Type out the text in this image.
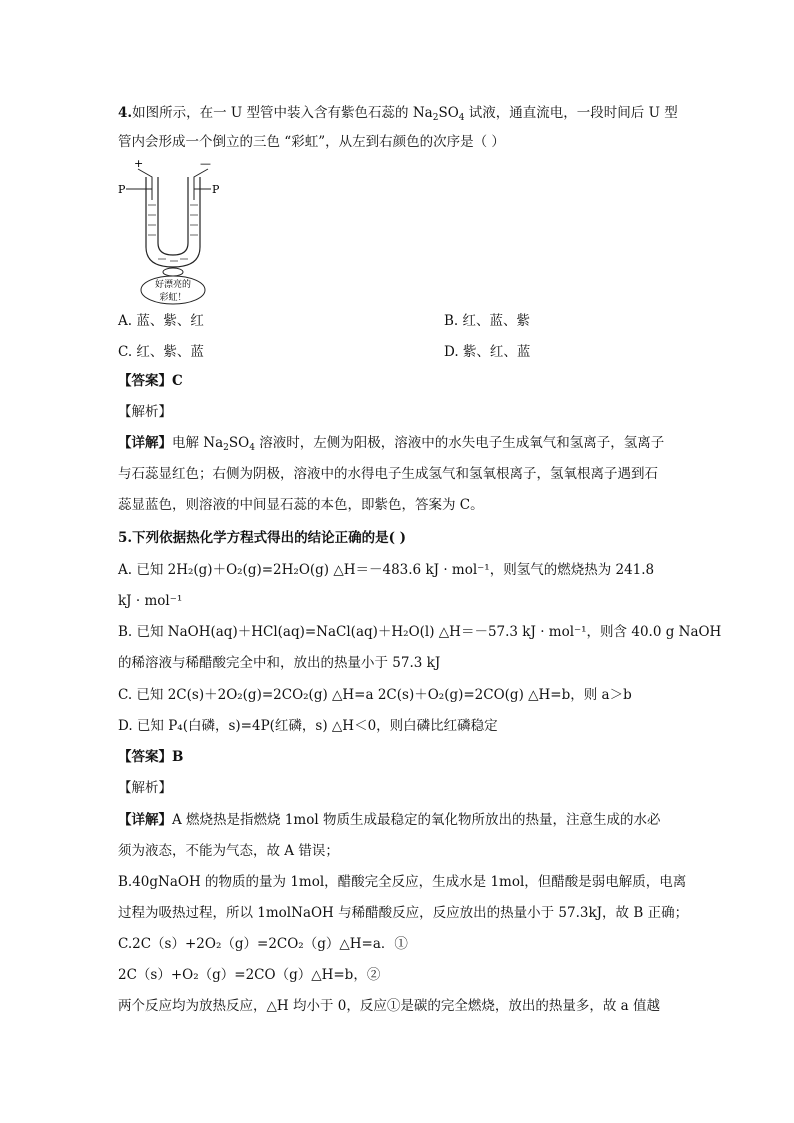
4.如图所示，在一 U 型管中装入含有紫色石蕊的 $Na_2SO_4$ 试液，通直流电，一段时间后 U 型
管内会形成一个倒立的三色 “彩虹”，从左到右颜色的次序是（ ）
+	—
P	P
好漂亮的
彩虹！
A. 蓝、紫、红	B. 红、蓝、紫
C. 红、紫、蓝	D. 紫、红、蓝
【答案】C
【解析】
【详解】电解 $Na_2SO_4$ 溶液时，左侧为阳极，溶液中的水失电子生成氧气和氢离子，氢离子
与石蕊显红色；右侧为阴极，溶液中的水得电子生成氢气和氢氧根离子，氢氧根离子遇到石
蕊显蓝色，则溶液的中间显石蕊的本色，即紫色，答案为 C。
5.下列依据热化学方程式得出的结论正确的是( )
A. 已知 2H₂(g)＋O₂(g)=2H₂O(g) △H＝－483.6 kJ · mol⁻¹，则氢气的燃烧热为 241.8
kJ · mol⁻¹
B. 已知 NaOH(aq)＋HCl(aq)=NaCl(aq)＋H₂O(l) △H＝－57.3 kJ · mol⁻¹，则含 40.0 g NaOH
的稀溶液与稀醋酸完全中和，放出的热量小于 57.3 kJ
C. 已知 2C(s)＋2O₂(g)=2CO₂(g) △H=a 2C(s)＋O₂(g)=2CO(g) △H=b，则 a＞b
D. 已知 P₄(白磷，s)=4P(红磷，s) △H＜0，则白磷比红磷稳定
【答案】B
【解析】
【详解】A 燃烧热是指燃烧 1mol 物质生成最稳定的氧化物所放出的热量，注意生成的水必
须为液态，不能为气态，故 A 错误；
B.40gNaOH 的物质的量为 1mol，醋酸完全反应，生成水是 1mol，但醋酸是弱电解质，电离
过程为吸热过程，所以 1molNaOH 与稀醋酸反应，反应放出的热量小于 57.3kJ，故 B 正确；
C.2C（s）+2O₂（g）=2CO₂（g）△H=a．①
2C（s）+O₂（g）=2CO（g）△H=b，②
两个反应均为放热反应，△H 均小于 0，反应①是碳的完全燃烧，放出的热量多，故 a 值越
